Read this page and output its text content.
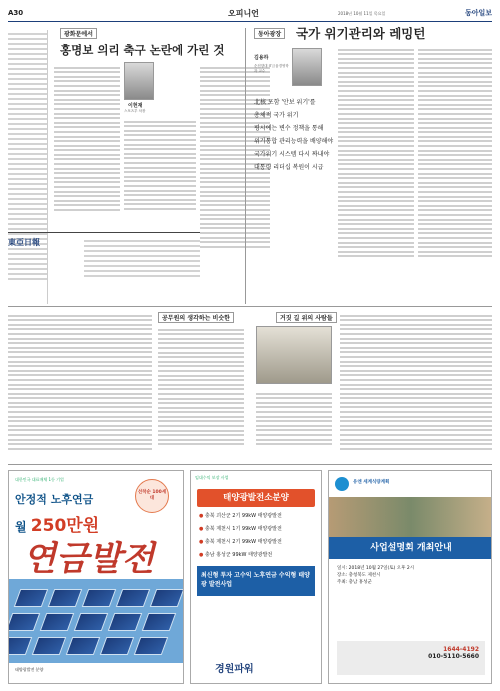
A30	오피니언	2018년 10월 11일 목요일	동아일보
광화문에서
홍명보 의리 축구 논란에 가린 것
이헌재
스포츠부 차장
東亞日報
동아광장	국가 위기관리와 레밍턴
김용하
순천향대 IT금융경영학과 교수
北核 포함 '안보 위기'를
총체적 국가 위기
평시에는 변수 정책을 통해
위기통합 관리능력을 배양해야
국가위기 시스템 다시 짜내야
대통령 리더십 복원이 시급
공무원의 생각하는 비슷한	거짓 길 위의 사람들
대한민국 대표매체 1등 기업
선착순 100세대
안정적 노후연금
월 250만원
연금발전
태양광발전 분양
임대수익 보장 사업
태양광발전소분양
● 충북 괴산군 2기 99kW 태양광발전
● 충북 제천시 1기 99kW 태양광발전
● 충북 제천시 2기 99kW 태양광발전
● 충남 홍성군 99kW 태양광발전
최신형 투자 고수익 노후연금 수익형 태양광 발전사업
경원파워
유엔 세계식량계획
사업설명회 개최안내
일시: 2018년 10월 27일(토) 오후 2시
장소: 충청북도 제천시
주최: 충남 홍성군
1644-4192
010-5110-5660
